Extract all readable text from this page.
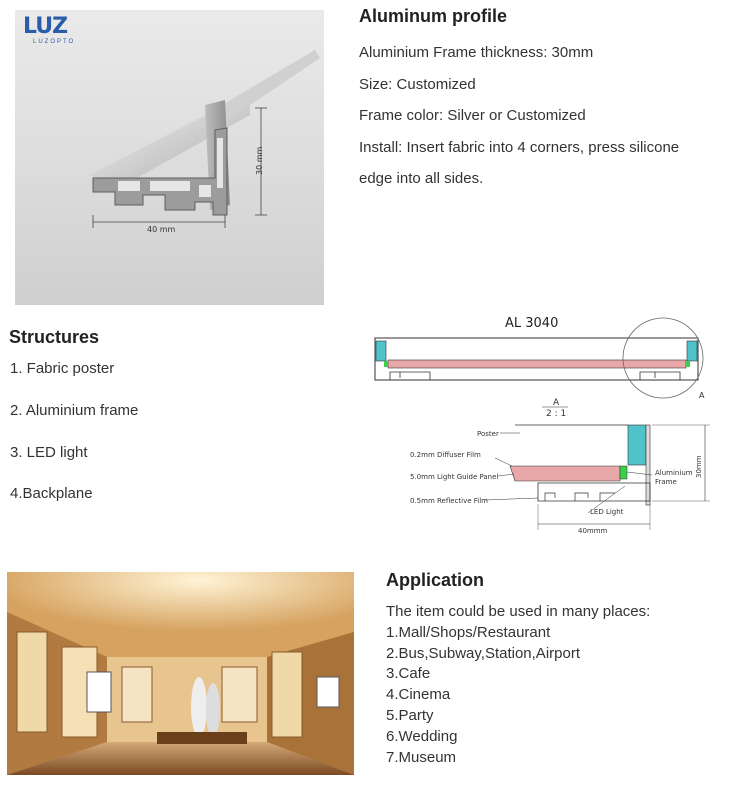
40 mm
30 mm
LUZ
LUZOPTO
Aluminum profile
Aluminium Frame thickness: 30mm
Size: Customized
Frame color: Silver or Customized
Install: Insert fabric into 4 corners, press silicone
edge into all sides.
Structures
1. Fabric poster
2. Aluminium frame
3. LED light
4.Backplane
AL 3040
A
A
2 : 1
Poster
0.2mm Diffuser Film
5.0mm Light Guide Panel
0.5mm Reflective Film
LED Light
Aluminium
Frame
30mm
40mmm
Application
The item could be used in many places:
1.Mall/Shops/Restaurant
2.Bus,Subway,Station,Airport
3.Cafe
4.Cinema
5.Party
6.Wedding
7.Museum
